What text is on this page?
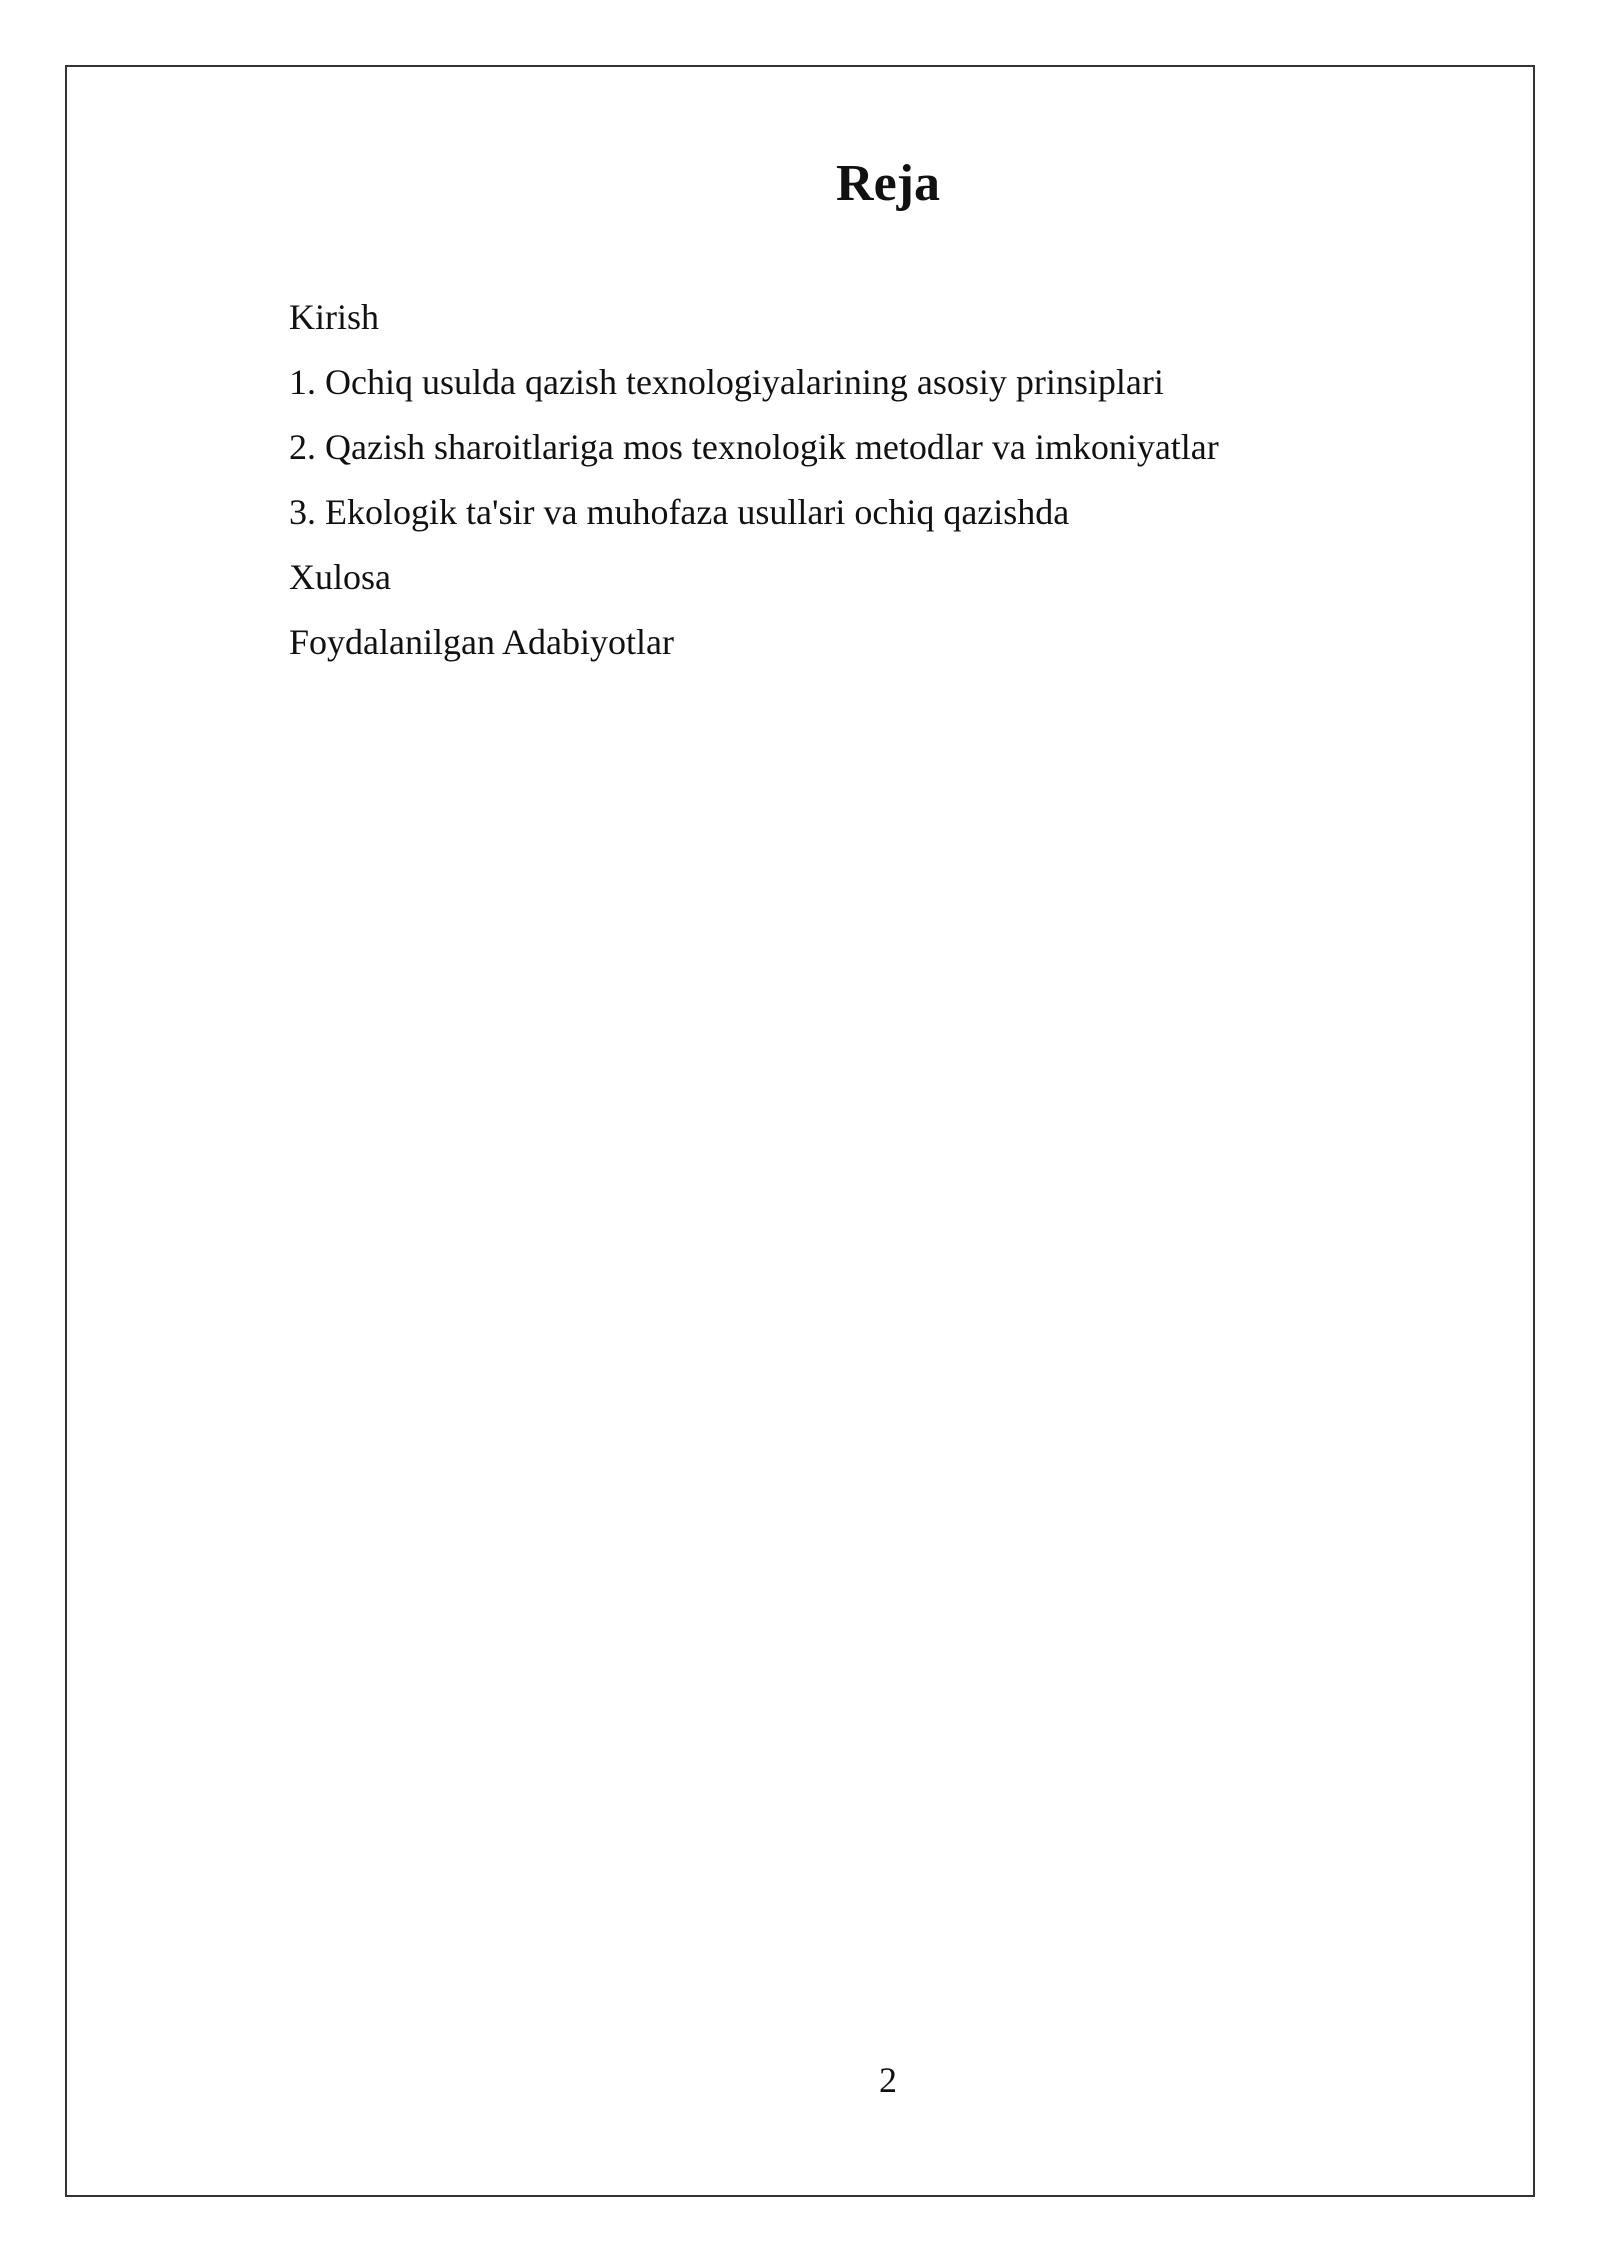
Reja
Kirish
1. Ochiq usulda qazish texnologiyalarining asosiy prinsiplari
2. Qazish sharoitlariga mos texnologik metodlar va imkoniyatlar
3. Ekologik ta'sir va muhofaza usullari ochiq qazishda
Xulosa
Foydalanilgan Adabiyotlar
2
